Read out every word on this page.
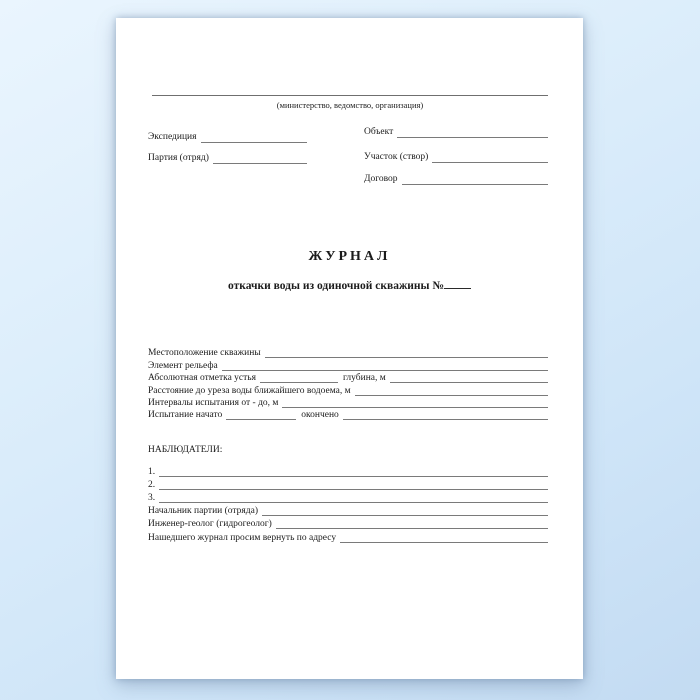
(министерство, ведомство, организация)
Экспедиция
Партия (отряд)
Объект
Участок (створ)
Договор
ЖУРНАЛ
откачки воды из одиночной скважины №
Местоположение скважины
Элемент рельефа
Абсолютная отметка устья	глубина, м
Расстояние до уреза воды ближайшего водоема, м
Интервалы испытания от - до, м
Испытание начато	окончено
НАБЛЮДАТЕЛИ:
1.
2.
3.
Начальник партии (отряда)
Инженер-геолог (гидрогеолог)
Нашедшего журнал просим вернуть по адресу
